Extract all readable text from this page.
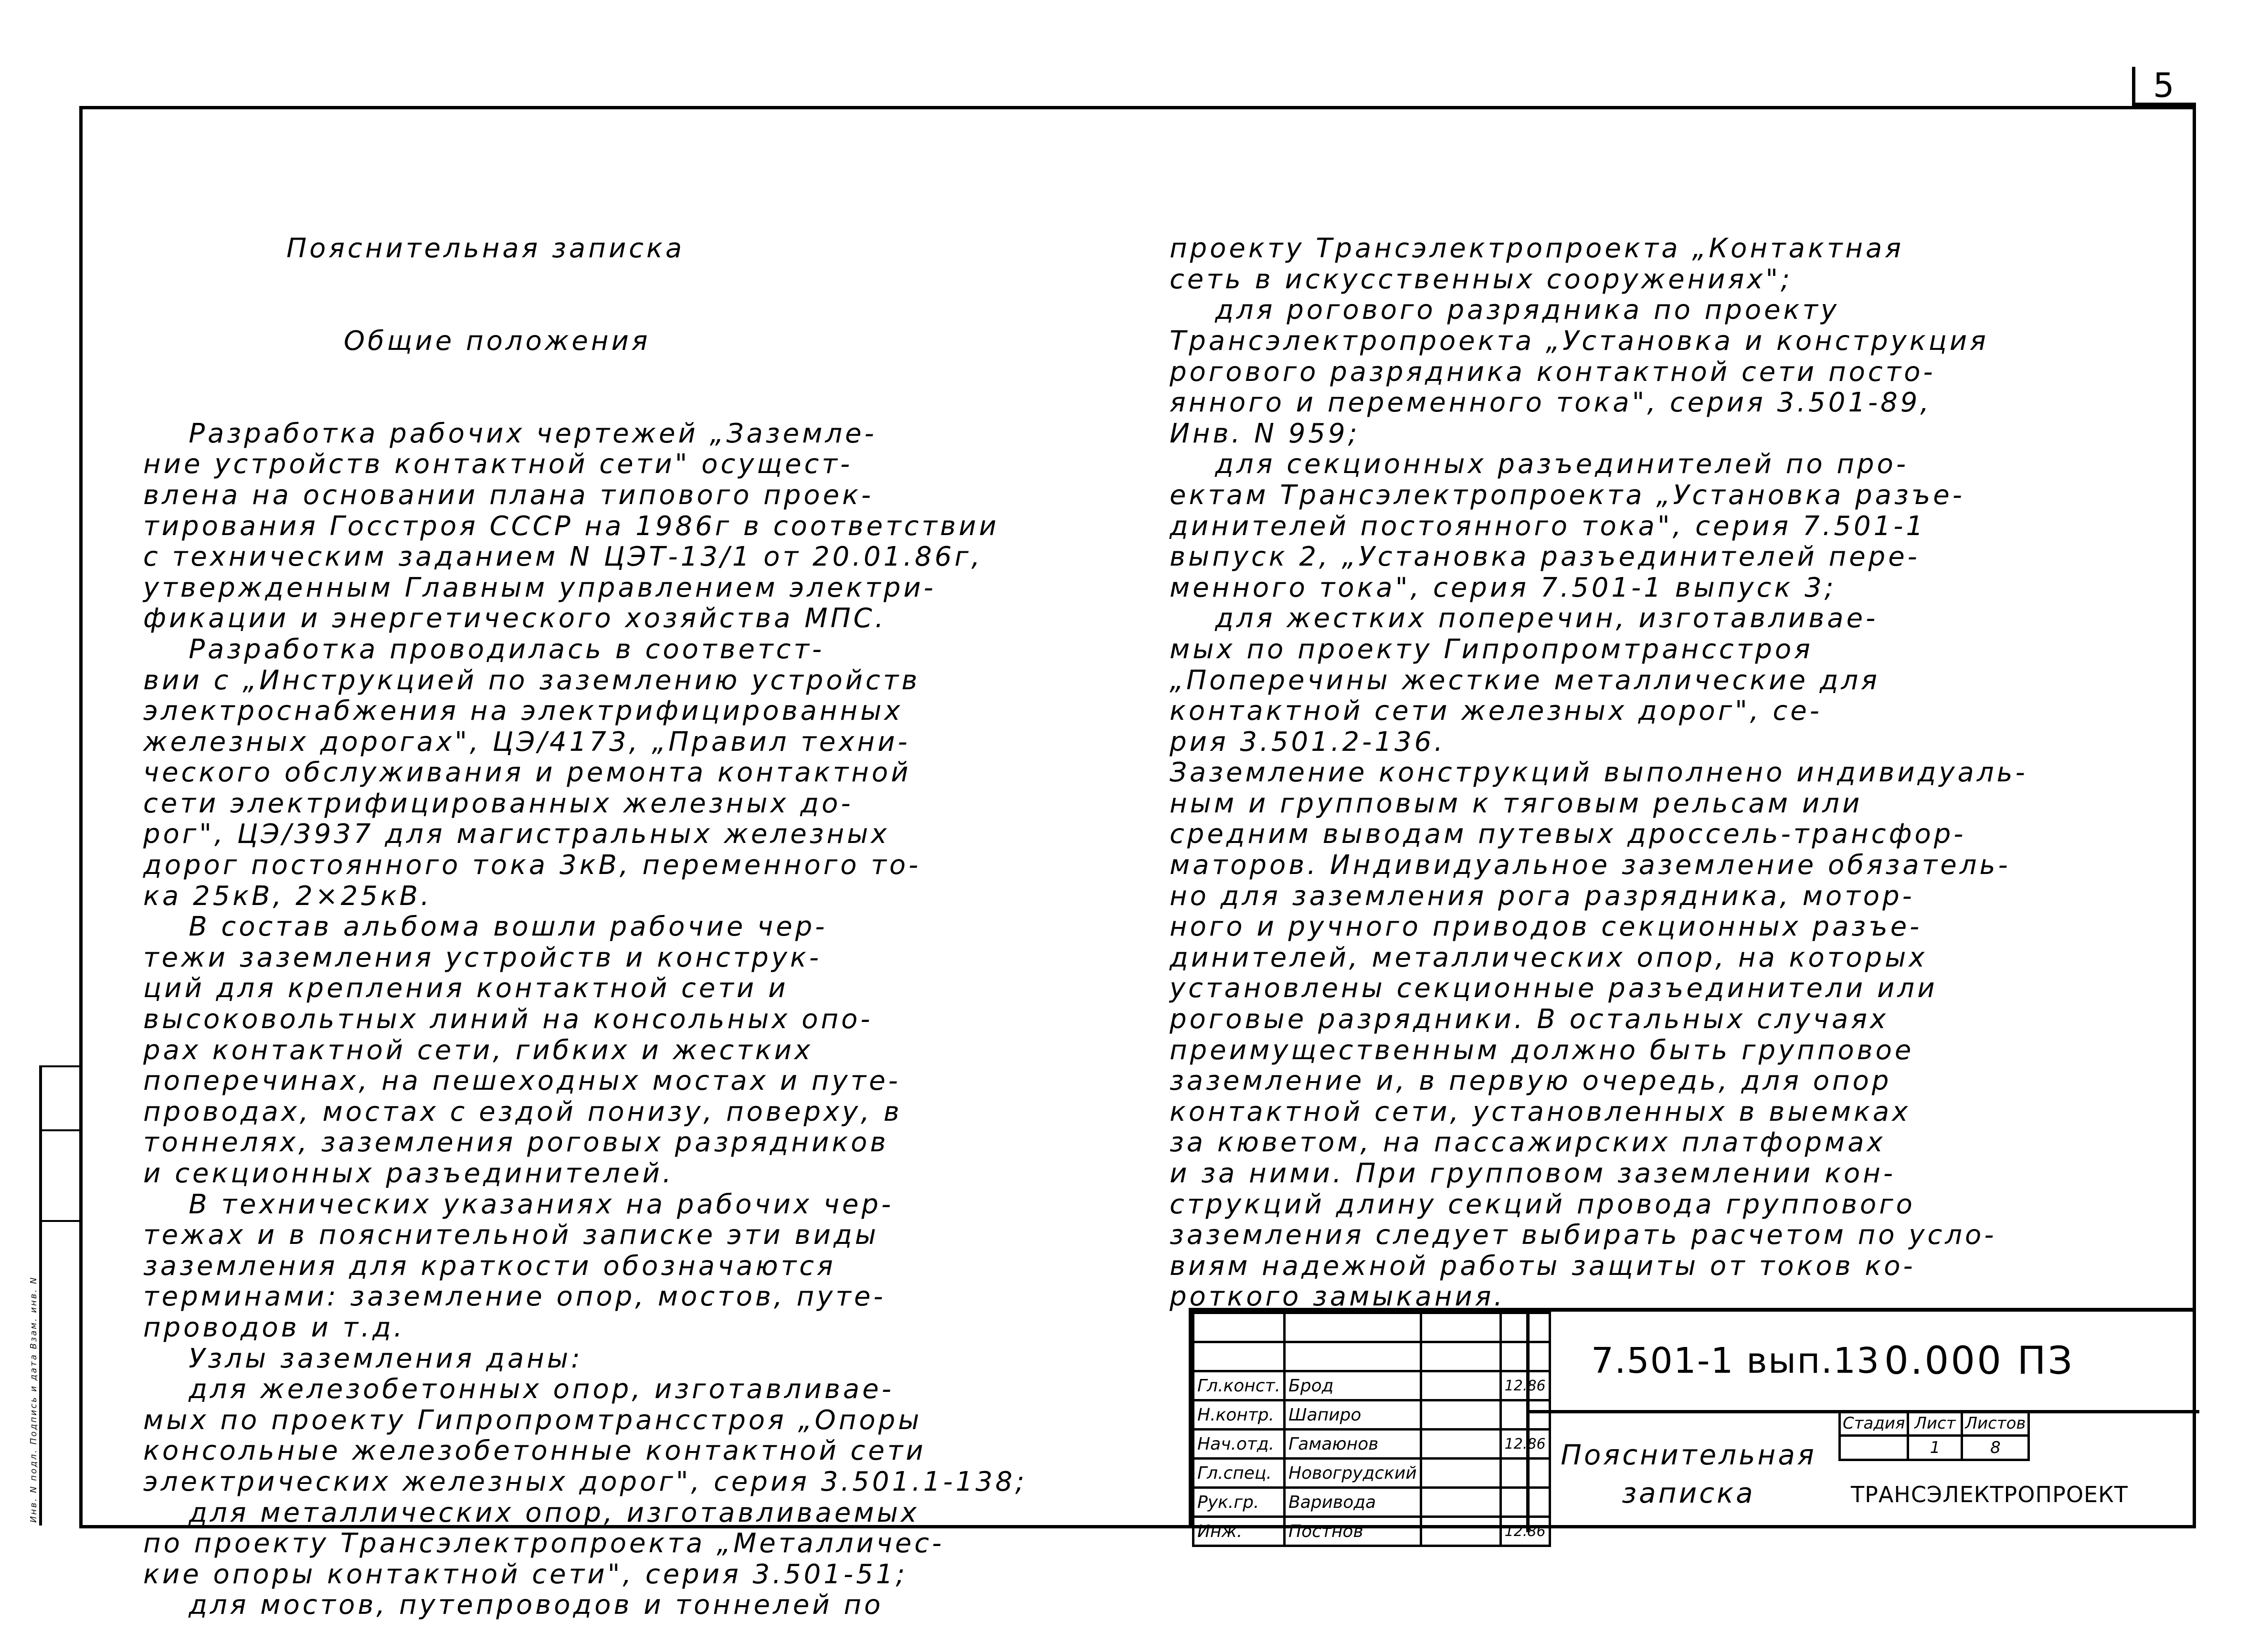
5
Инв. N подл. Подпись и дата Взам. инв. N

Пояснительная записка

Общие положения

Разработка рабочих чертежей „Заземле-
ние устройств контактной сети" осущест-
влена на основании плана типового проек-
тирования Госстроя СССР на 1986г в соответствии
с техническим заданием N ЦЭТ-13/1 от 20.01.86г,
утвержденным Главным управлением электри-
фикации и энергетического хозяйства МПС.
Разработка проводилась в соответст-
вии с „Инструкцией по заземлению устройств
электроснабжения на электрифицированных
железных дорогах", ЦЭ/4173, „Правил техни-
ческого обслуживания и ремонта контактной
сети электрифицированных железных до-
рог", ЦЭ/3937 для магистральных железных
дорог постоянного тока 3кВ, переменного то-
ка 25кВ, 2×25кВ.
В состав альбома вошли рабочие чер-
тежи заземления устройств и конструк-
ций для крепления контактной сети и
высоковольтных линий на консольных опо-
рах контактной сети, гибких и жестких
поперечинах, на пешеходных мостах и путе-
проводах, мостах с ездой понизу, поверху, в
тоннелях, заземления роговых разрядников
и секционных разъединителей.
В технических указаниях на рабочих чер-
тежах и в пояснительной записке эти виды
заземления для краткости обозначаются
терминами: заземление опор, мостов, путе-
проводов и т.д.
Узлы заземления даны:
для железобетонных опор, изготавливае-
мых по проекту Гипропромтрансстроя „Опоры
консольные железобетонные контактной сети
электрических железных дорог", серия 3.501.1-138;
для металлических опор, изготавливаемых
по проекту Трансэлектропроекта „Металличес-
кие опоры контактной сети", серия 3.501-51;
для мостов, путепроводов и тоннелей по

проекту Трансэлектропроекта „Контактная
сеть в искусственных сооружениях";
для рогового разрядника по проекту
Трансэлектропроекта „Установка и конструкция
рогового разрядника контактной сети посто-
янного и переменного тока", серия 3.501-89,
Инв. N 959;
для секционных разъединителей по про-
ектам Трансэлектропроекта „Установка разъе-
динителей постоянного тока", серия 7.501-1
выпуск 2, „Установка разъединителей пере-
менного тока", серия 7.501-1 выпуск 3;
для жестких поперечин, изготавливае-
мых по проекту Гипропромтрансстроя
„Поперечины жесткие металлические для
контактной сети железных дорог", се-
рия 3.501.2-136.
Заземление конструкций выполнено индивидуаль-
ным и групповым к тяговым рельсам или
средним выводам путевых дроссель-трансфор-
маторов. Индивидуальное заземление обязатель-
но для заземления рога разрядника, мотор-
ного и ручного приводов секционных разъе-
динителей, металлических опор, на которых
установлены секционные разъединители или
роговые разрядники. В остальных случаях
преимущественным должно быть групповое
заземление и, в первую очередь, для опор
контактной сети, установленных в выемках
за кюветом, на пассажирских платформах
и за ними. При групповом заземлении кон-
струкций длину секций провода группового
заземления следует выбирать расчетом по усло-
виям надежной работы защиты от токов ко-
роткого замыкания.

Гл.конст.	Брод		12.86
Н.контр.	Шапиро		
Нач.отд.	Гамаюнов		12.86
Гл.спец.	Новогрудский		
Рук.гр.	Варивода		
Инж.	Постнов		12.86
7.501-1 вып.13 0.000 ПЗ
Пояснительная
записка
Стадия	Лист	Листов
	1	8
ТРАНСЭЛЕКТРОПРОЕКТ
